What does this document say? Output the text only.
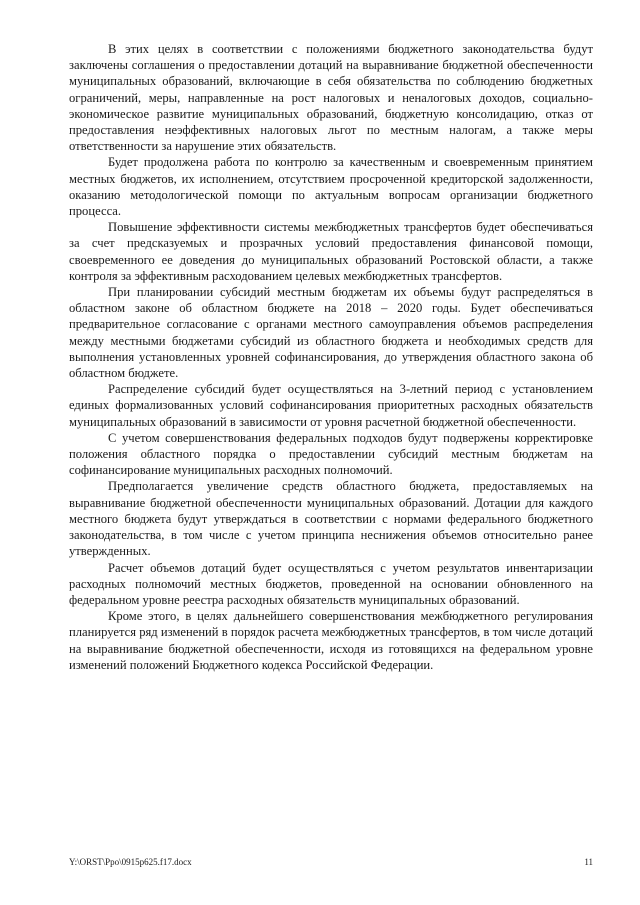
В этих целях в соответствии с положениями бюджетного законодательства будут заключены соглашения о предоставлении дотаций на выравнивание бюджетной обеспеченности муниципальных образований, включающие в себя обязательства по соблюдению бюджетных ограничений, меры, направленные на рост налоговых и неналоговых доходов, социально-экономическое развитие муниципальных образований, бюджетную консолидацию, отказ от предоставления неэффективных налоговых льгот по местным налогам, а также меры ответственности за нарушение этих обязательств.

Будет продолжена работа по контролю за качественным и своевременным принятием местных бюджетов, их исполнением, отсутствием просроченной кредиторской задолженности, оказанию методологической помощи по актуальным вопросам организации бюджетного процесса.

Повышение эффективности системы межбюджетных трансфертов будет обеспечиваться за счет предсказуемых и прозрачных условий предоставления финансовой помощи, своевременного ее доведения до муниципальных образований Ростовской области, а также контроля за эффективным расходованием целевых межбюджетных трансфертов.

При планировании субсидий местным бюджетам их объемы будут распределяться в областном законе об областном бюджете на 2018 – 2020 годы. Будет обеспечиваться предварительное согласование с органами местного самоуправления объемов распределения между местными бюджетами субсидий из областного бюджета и необходимых средств для выполнения установленных уровней софинансирования, до утверждения областного закона об областном бюджете.

Распределение субсидий будет осуществляться на 3-летний период с установлением единых формализованных условий софинансирования приоритетных расходных обязательств муниципальных образований в зависимости от уровня расчетной бюджетной обеспеченности.

С учетом совершенствования федеральных подходов будут подвержены корректировке положения областного порядка о предоставлении субсидий местным бюджетам на софинансирование муниципальных расходных полномочий.

Предполагается увеличение средств областного бюджета, предоставляемых на выравнивание бюджетной обеспеченности муниципальных образований. Дотации для каждого местного бюджета будут утверждаться в соответствии с нормами федерального бюджетного законодательства, в том числе с учетом принципа неснижения объемов относительно ранее утвержденных.

Расчет объемов дотаций будет осуществляться с учетом результатов инвентаризации расходных полномочий местных бюджетов, проведенной на основании обновленного на федеральном уровне реестра расходных обязательств муниципальных образований.

Кроме этого, в целях дальнейшего совершенствования межбюджетного регулирования планируется ряд изменений в порядок расчета межбюджетных трансфертов, в том числе дотаций на выравнивание бюджетной обеспеченности, исходя из готовящихся на федеральном уровне изменений положений Бюджетного кодекса Российской Федерации.

Y:\ORST\Ppo\0915p625.f17.docx	11
